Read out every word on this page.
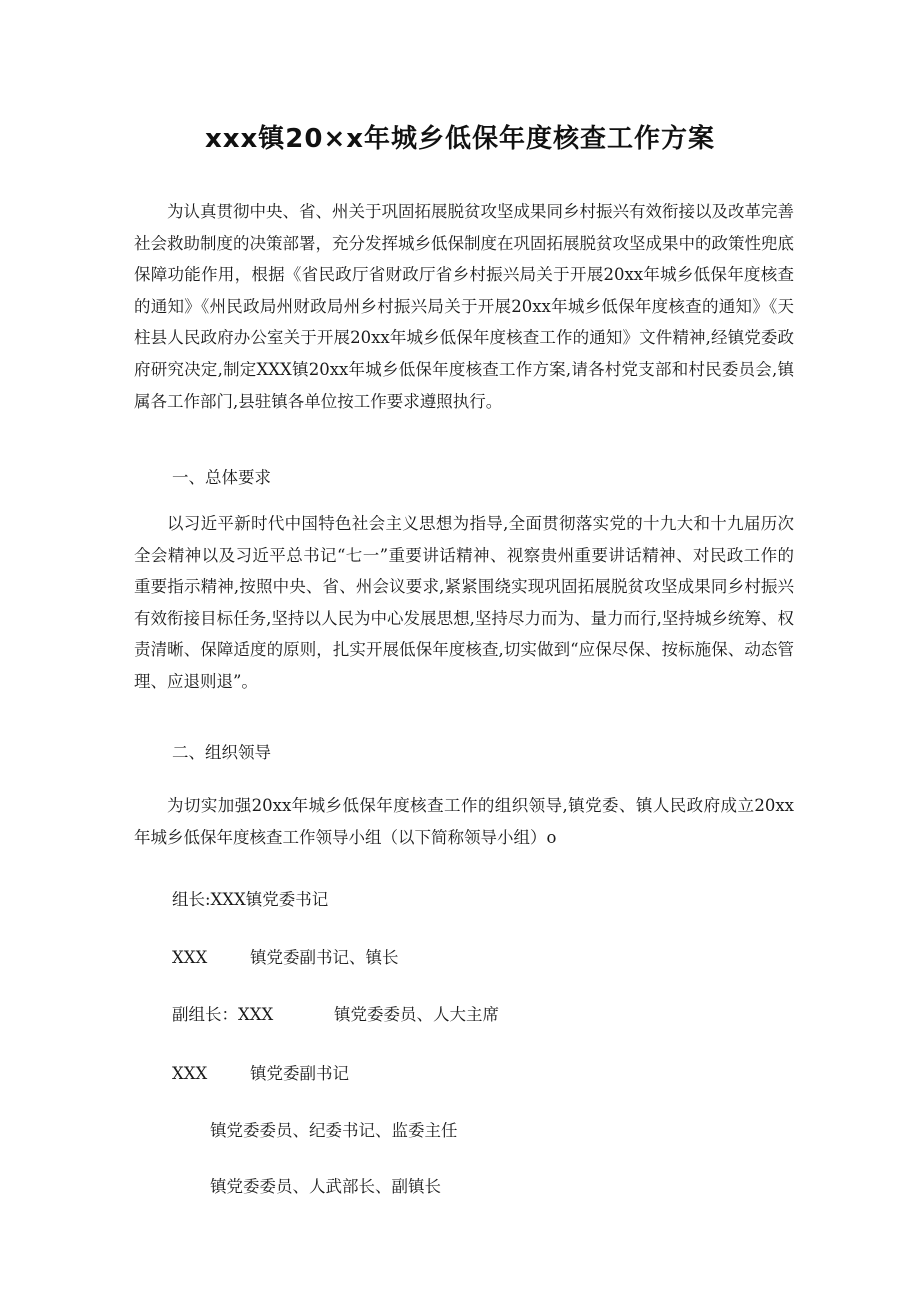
xxx镇20×x年城乡低保年度核查工作方案

为认真贯彻中央、省、州关于巩固拓展脱贫攻坚成果同乡村振兴有效衔接以及改革完善社会救助制度的决策部署，充分发挥城乡低保制度在巩固拓展脱贫攻坚成果中的政策性兜底保障功能作用，根据《省民政厅省财政厅省乡村振兴局关于开展20xx年城乡低保年度核查的通知》《州民政局州财政局州乡村振兴局关于开展20xx年城乡低保年度核查的通知》《天柱县人民政府办公室关于开展20xx年城乡低保年度核查工作的通知》文件精神,经镇党委政府研究决定,制定XXX镇20xx年城乡低保年度核查工作方案,请各村党支部和村民委员会,镇属各工作部门,县驻镇各单位按工作要求遵照执行。

一、总体要求

以习近平新时代中国特色社会主义思想为指导,全面贯彻落实党的十九大和十九届历次全会精神以及习近平总书记“七一”重要讲话精神、视察贵州重要讲话精神、对民政工作的重要指示精神,按照中央、省、州会议要求,紧紧围绕实现巩固拓展脱贫攻坚成果同乡村振兴有效衔接目标任务,坚持以人民为中心发展思想,坚持尽力而为、量力而行,坚持城乡统筹、权责清晰、保障适度的原则，扎实开展低保年度核查,切实做到“应保尽保、按标施保、动态管理、应退则退”。

二、组织领导

为切实加强20xx年城乡低保年度核查工作的组织领导,镇党委、镇人民政府成立20xx年城乡低保年度核查工作领导小组（以下简称领导小组）o

组长:XXX镇党委书记
XXX	镇党委副书记、镇长
副组长：XXX	镇党委委员、人大主席
XXX	镇党委副书记
镇党委委员、纪委书记、监委主任
镇党委委员、人武部长、副镇长
